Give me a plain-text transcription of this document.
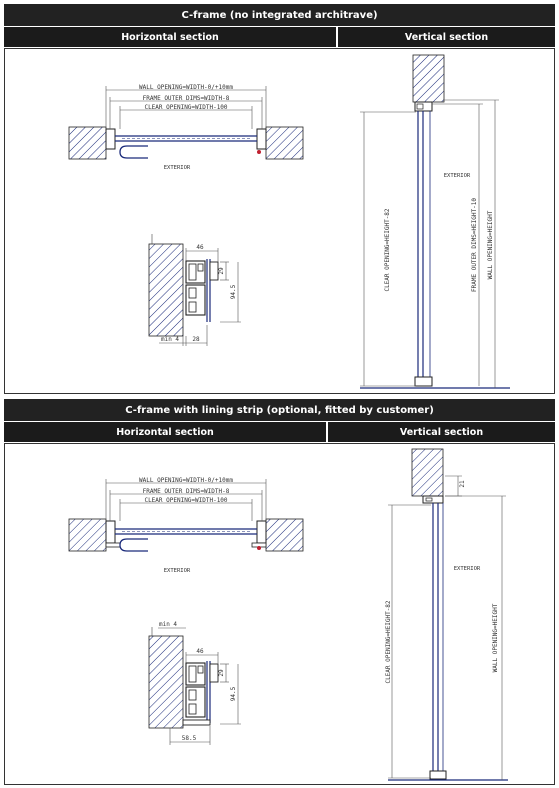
C-frame (no integrated architrave)
Horizontal section	Vertical section
C-frame with lining strip (optional, fitted by customer)
Horizontal section	Vertical section
WALL OPENING=WIDTH-0/+10mm
FRAME OUTER DIMS=WIDTH-8
CLEAR OPENING=WIDTH-100
EXTERIOR
46
29
94.5
min 4 28
EXTERIOR
CLEAR OPENING=HEIGHT-82	FRAME OUTER DIMS=HEIGHT-10 WALL OPENING=HEIGHT
WALL OPENING=WIDTH-0/+10mm
FRAME OUTER DIMS=WIDTH-8
CLEAR OPENING=WIDTH-100
EXTERIOR
min 4
46
29
94.5
58.5
21
EXTERIOR
CLEAR OPENING=HEIGHT-82	WALL OPENING=HEIGHT
